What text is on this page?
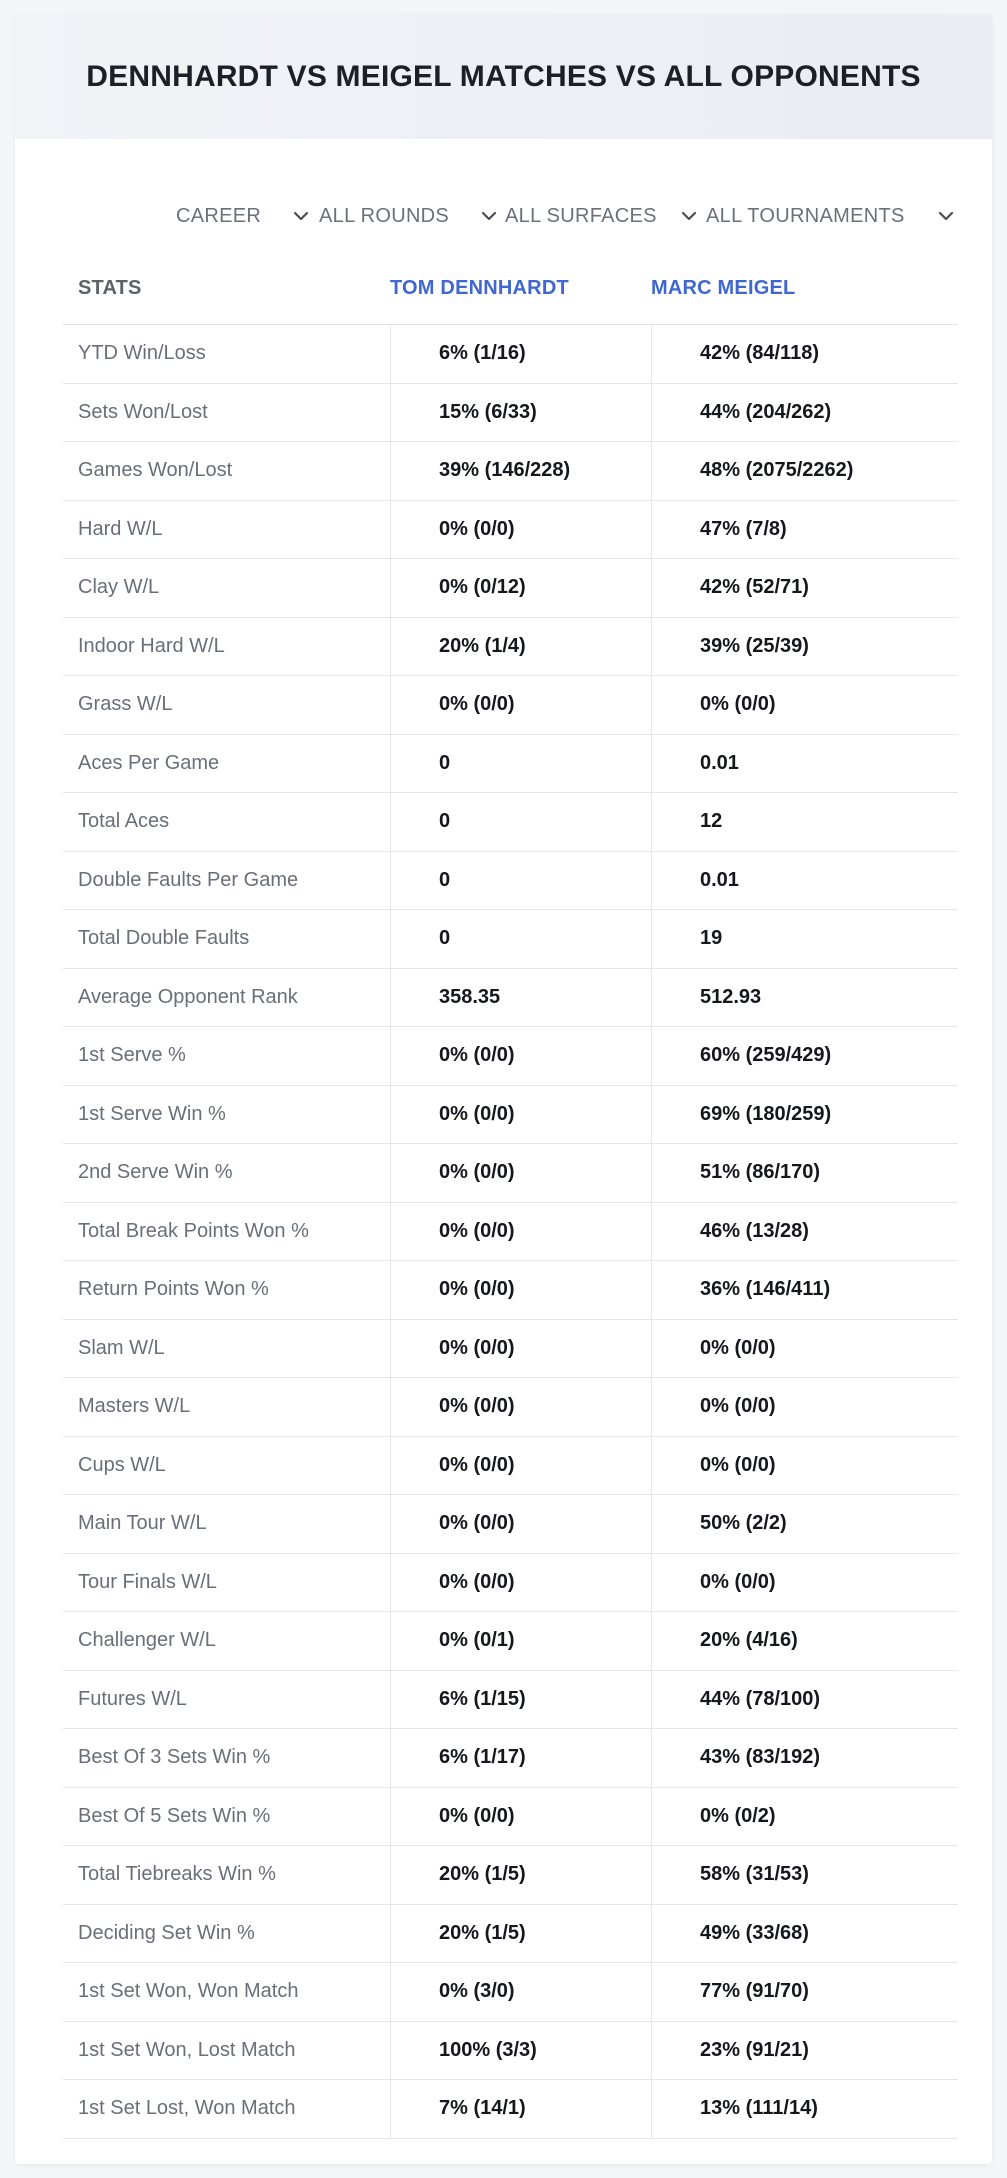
DENNHARDT VS MEIGEL MATCHES VS ALL OPPONENTS
CAREER	ALL ROUNDS	ALL SURFACES ALL TOURNAMENTS
STATS	TOM DENNHARDT	MARC MEIGEL
YTD Win/Loss	6% (1/16)	42% (84/118)
Sets Won/Lost	15% (6/33)	44% (204/262)
Games Won/Lost	39% (146/228)	48% (2075/2262)
Hard W/L	0% (0/0)	47% (7/8)
Clay W/L	0% (0/12)	42% (52/71)
Indoor Hard W/L	20% (1/4)	39% (25/39)
Grass W/L	0% (0/0)	0% (0/0)
Aces Per Game	0	0.01
Total Aces	0	12
Double Faults Per Game	0	0.01
Total Double Faults	0	19
Average Opponent Rank	358.35	512.93
1st Serve %	0% (0/0)	60% (259/429)
1st Serve Win %	0% (0/0)	69% (180/259)
2nd Serve Win %	0% (0/0)	51% (86/170)
Total Break Points Won %	0% (0/0)	46% (13/28)
Return Points Won %	0% (0/0)	36% (146/411)
Slam W/L	0% (0/0)	0% (0/0)
Masters W/L	0% (0/0)	0% (0/0)
Cups W/L	0% (0/0)	0% (0/0)
Main Tour W/L	0% (0/0)	50% (2/2)
Tour Finals W/L	0% (0/0)	0% (0/0)
Challenger W/L	0% (0/1)	20% (4/16)
Futures W/L	6% (1/15)	44% (78/100)
Best Of 3 Sets Win %	6% (1/17)	43% (83/192)
Best Of 5 Sets Win %	0% (0/0)	0% (0/2)
Total Tiebreaks Win %	20% (1/5)	58% (31/53)
Deciding Set Win %	20% (1/5)	49% (33/68)
1st Set Won, Won Match	0% (3/0)	77% (91/70)
1st Set Won, Lost Match	100% (3/3)	23% (91/21)
1st Set Lost, Won Match	7% (14/1)	13% (111/14)
